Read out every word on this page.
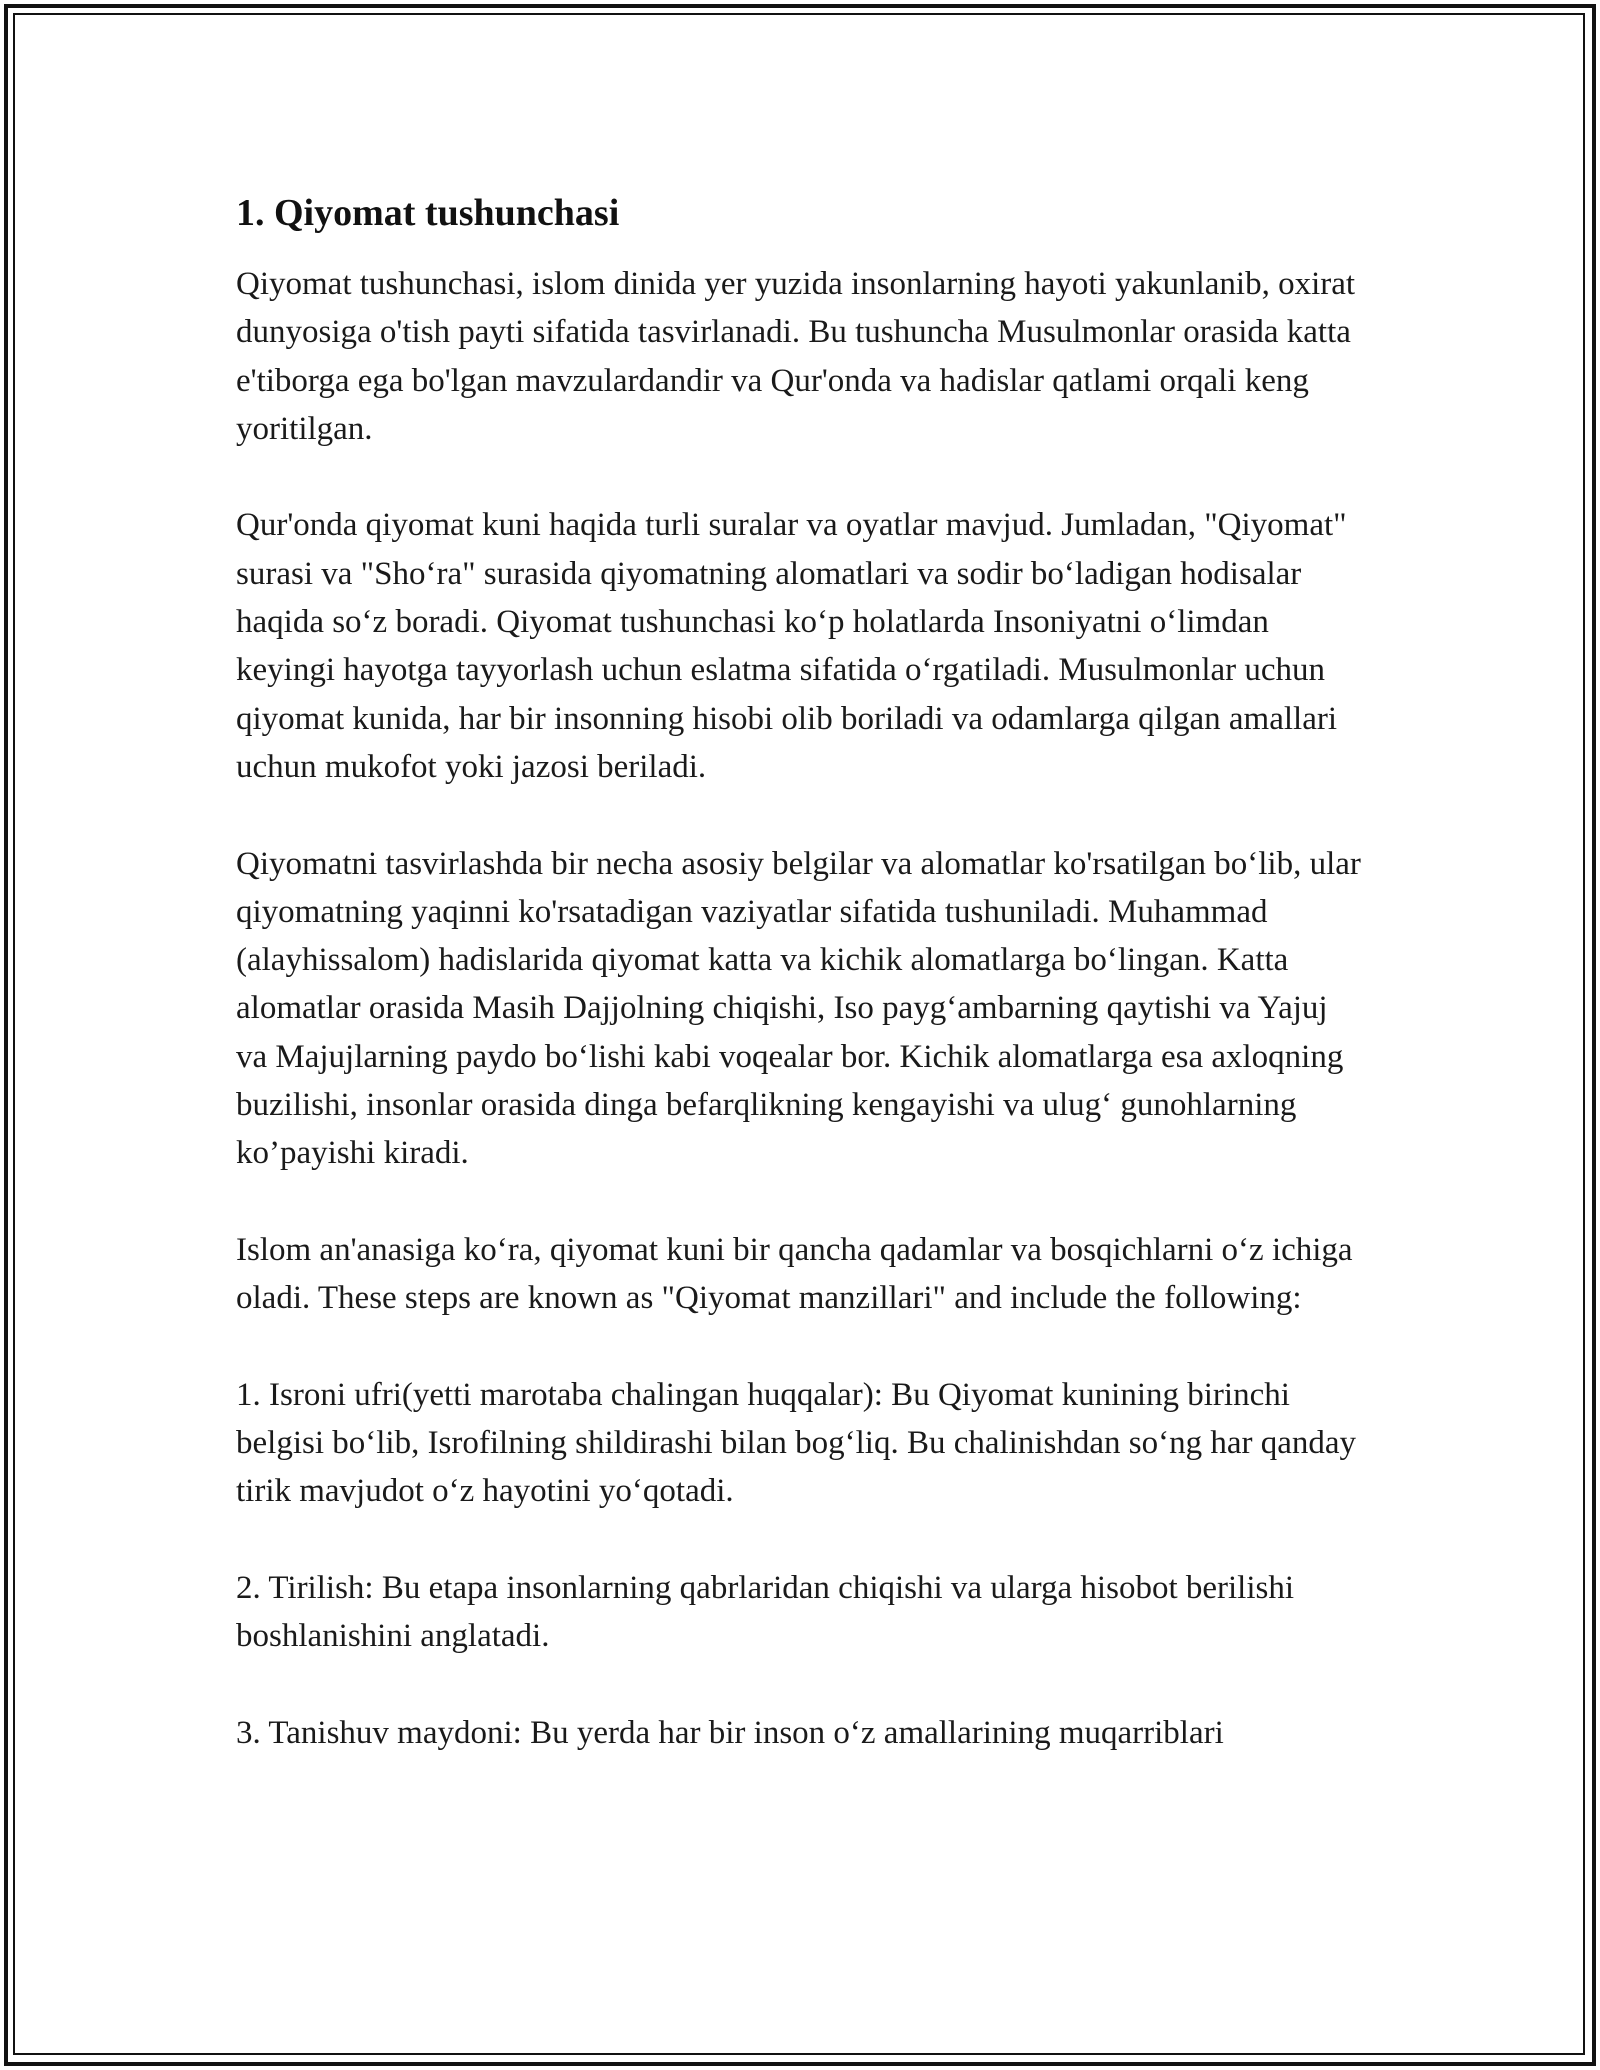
1. Qiyomat tushunchasi

Qiyomat tushunchasi, islom dinida yer yuzida insonlarning hayoti yakunlanib, oxirat dunyosiga o'tish payti sifatida tasvirlanadi. Bu tushuncha Musulmonlar orasida katta e'tiborga ega bo'lgan mavzulardandir va Qur'onda va hadislar qatlami orqali keng yoritilgan.

Qur'onda qiyomat kuni haqida turli suralar va oyatlar mavjud. Jumladan, "Qiyomat" surasi va "Sho‘ra" surasida qiyomatning alomatlari va sodir bo‘ladigan hodisalar haqida so‘z boradi. Qiyomat tushunchasi ko‘p holatlarda Insoniyatni o‘limdan keyingi hayotga tayyorlash uchun eslatma sifatida o‘rgatiladi. Musulmonlar uchun qiyomat kunida, har bir insonning hisobi olib boriladi va odamlarga qilgan amallari uchun mukofot yoki jazosi beriladi.

Qiyomatni tasvirlashda bir necha asosiy belgilar va alomatlar ko'rsatilgan bo‘lib, ular qiyomatning yaqinni ko'rsatadigan vaziyatlar sifatida tushuniladi. Muhammad (alayhissalom) hadislarida qiyomat katta va kichik alomatlarga bo‘lingan. Katta alomatlar orasida Masih Dajjolning chiqishi, Iso payg‘ambarning qaytishi va Yajuj va Majujlarning paydo bo‘lishi kabi voqealar bor. Kichik alomatlarga esa axloqning buzilishi, insonlar orasida dinga befarqlikning kengayishi va ulug‘ gunohlarning ko’payishi kiradi.

Islom an'anasiga ko‘ra, qiyomat kuni bir qancha qadamlar va bosqichlarni o‘z ichiga oladi. These steps are known as "Qiyomat manzillari" and include the following:

1. Isroni ufri(yetti marotaba chalingan huqqalar): Bu Qiyomat kunining birinchi belgisi bo‘lib, Isrofilning shildirashi bilan bog‘liq. Bu chalinishdan so‘ng har qanday tirik mavjudot o‘z hayotini yo‘qotadi.

2. Tirilish: Bu etapa insonlarning qabrlaridan chiqishi va ularga hisobot berilishi boshlanishini anglatadi.

3. Tanishuv maydoni: Bu yerda har bir inson o‘z amallarining muqarriblari
